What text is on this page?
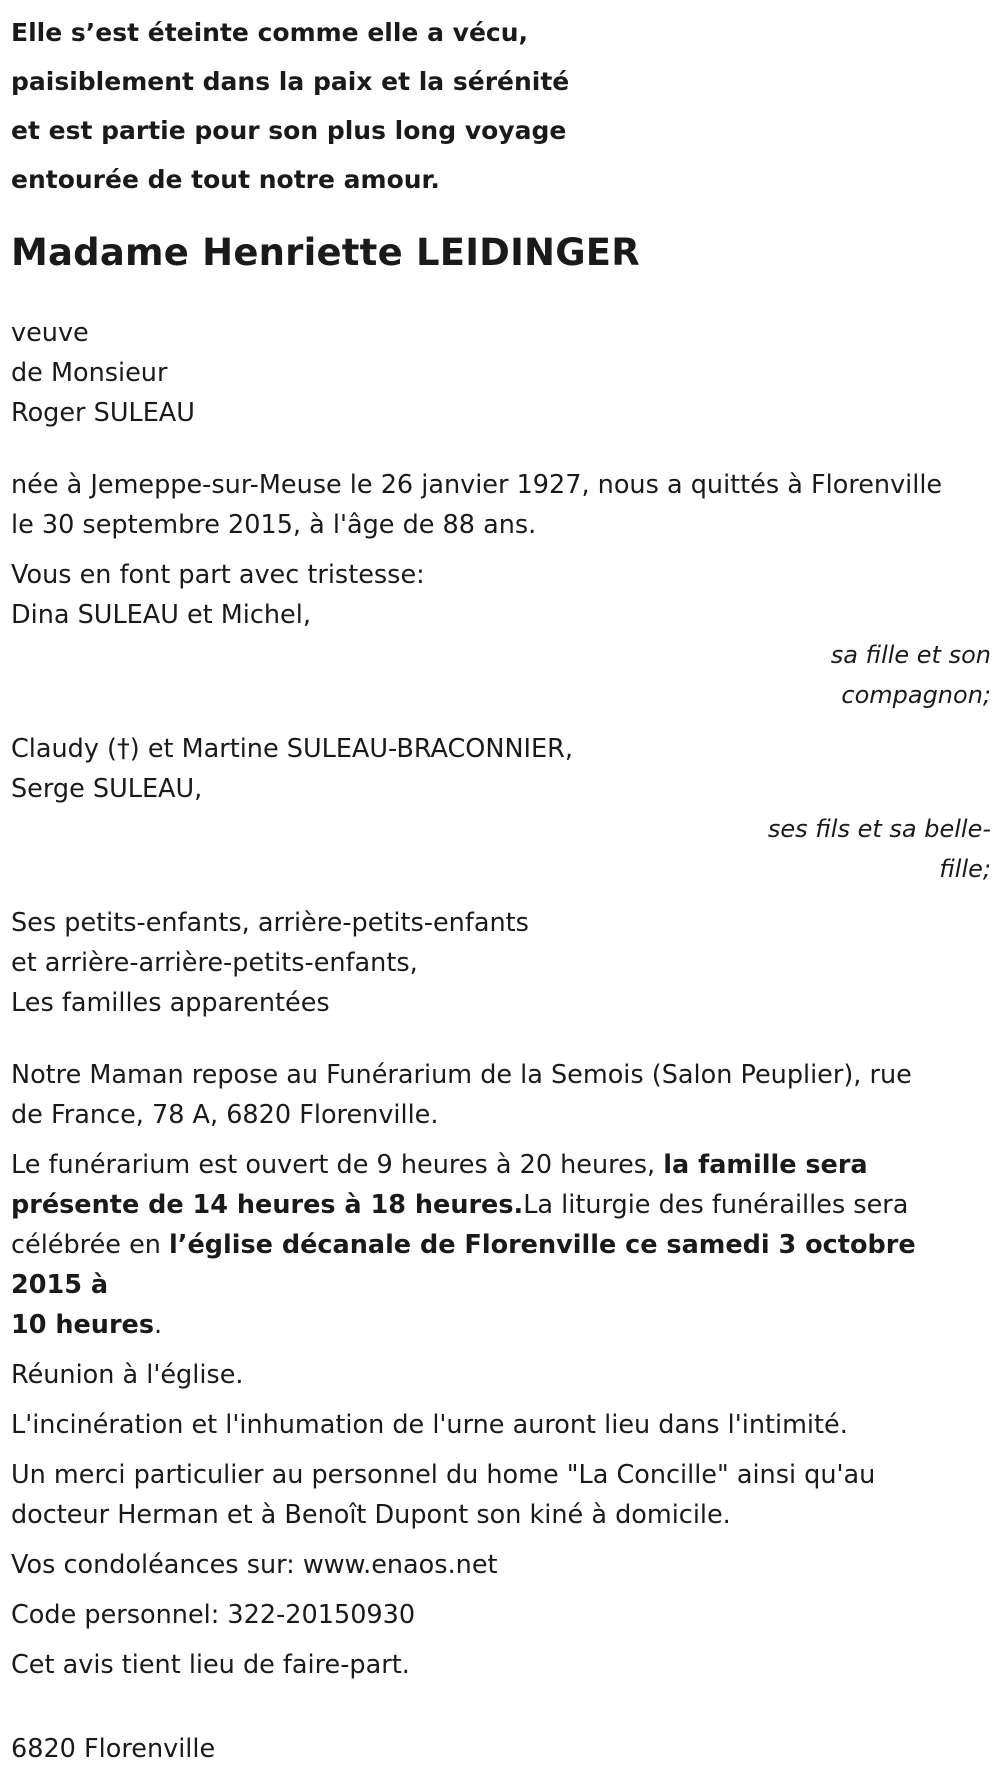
Elle s’est éteinte comme elle a vécu,
paisiblement dans la paix et la sérénité
et est partie pour son plus long voyage
entourée de tout notre amour.
Madame Henriette LEIDINGER
veuve
de Monsieur
Roger SULEAU
née à Jemeppe-sur-Meuse le 26 janvier 1927, nous a quittés à Florenville
le 30 septembre 2015, à l'âge de 88 ans.
Vous en font part avec tristesse:
Dina SULEAU et Michel,
sa fille et son
compagnon;
Claudy (†) et Martine SULEAU-BRACONNIER,
Serge SULEAU,
ses fils et sa belle-
fille;
Ses petits-enfants, arrière-petits-enfants
et arrière-arrière-petits-enfants,
Les familles apparentées
Notre Maman repose au Funérarium de la Semois (Salon Peuplier), rue
de France, 78 A, 6820 Florenville.
Le funérarium est ouvert de 9 heures à 20 heures, la famille sera
présente de 14 heures à 18 heures.La liturgie des funérailles sera
célébrée en l’église décanale de Florenville ce samedi 3 octobre 2015 à
10 heures.
Réunion à l'église.
L'incinération et l'inhumation de l'urne auront lieu dans l'intimité.
Un merci particulier au personnel du home "La Concille" ainsi qu'au
docteur Herman et à Benoît Dupont son kiné à domicile.
Vos condoléances sur: www.enaos.net
Code personnel: 322-20150930
Cet avis tient lieu de faire-part.
6820 Florenville
